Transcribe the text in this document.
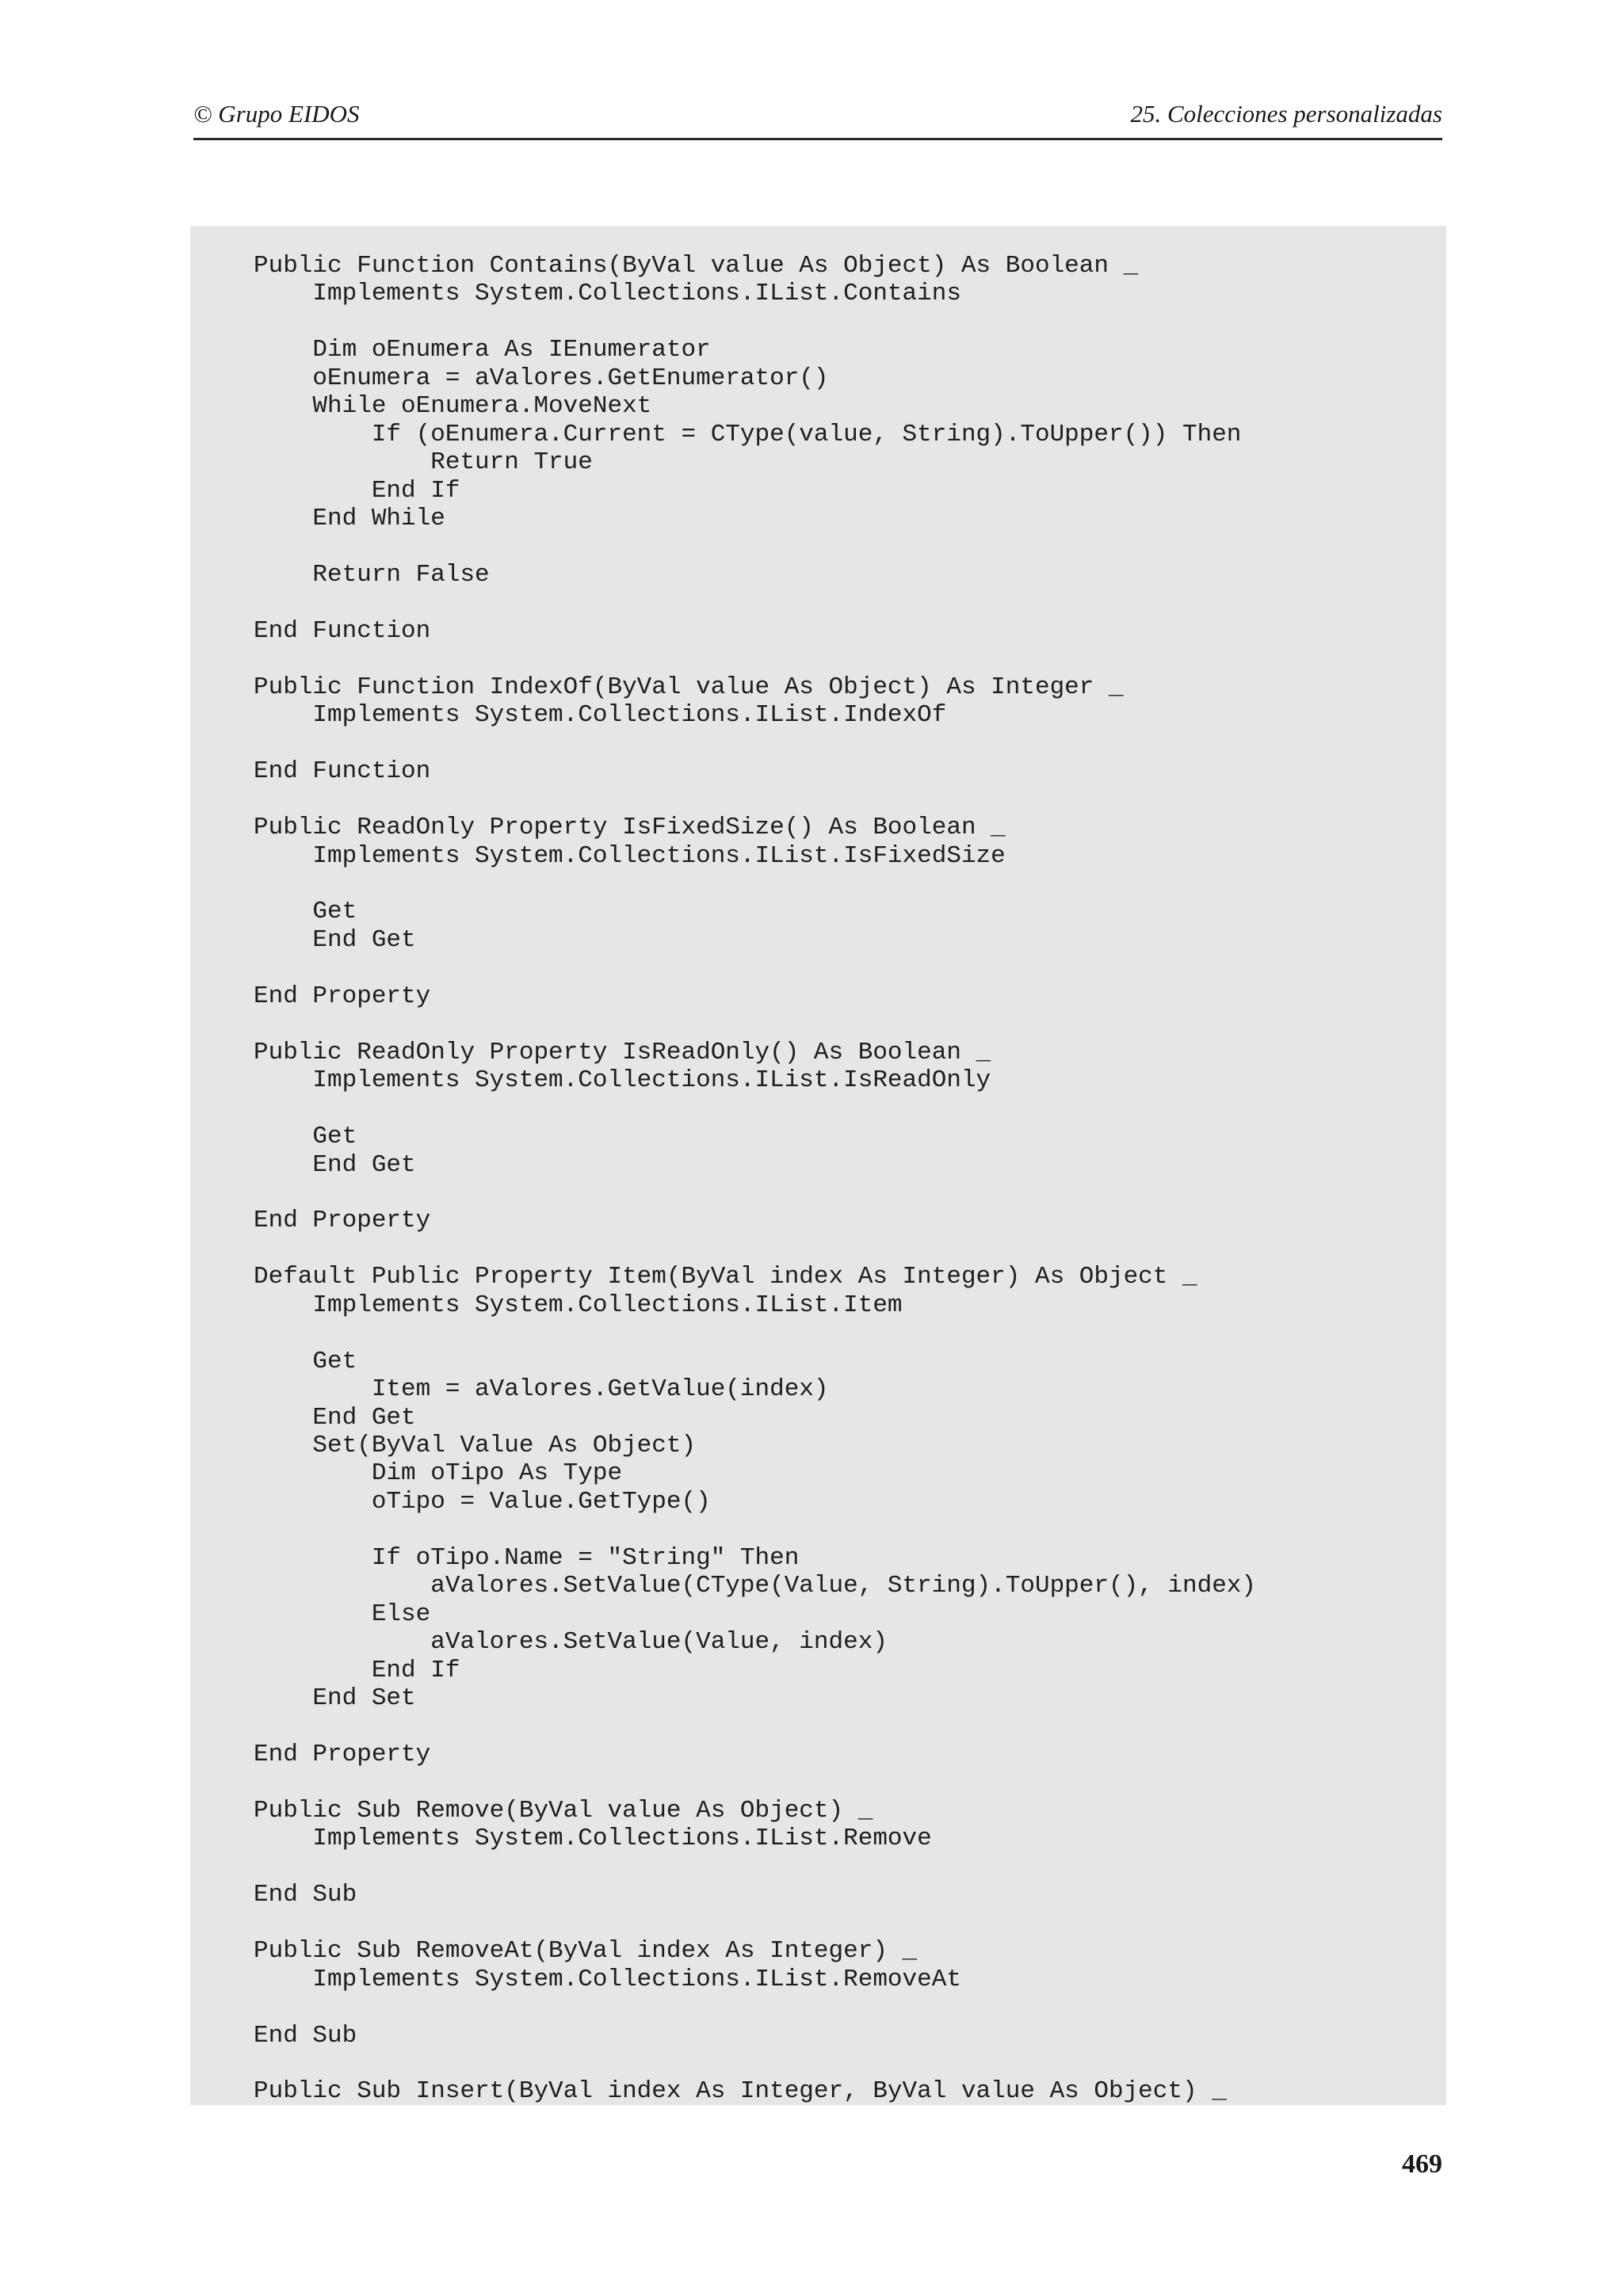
© Grupo EIDOS	25. Colecciones personalizadas
Public Function Contains(ByVal value As Object) As Boolean _
Implements System.Collections.IList.Contains

Dim oEnumera As IEnumerator
oEnumera = aValores.GetEnumerator()
While oEnumera.MoveNext
If (oEnumera.Current = CType(value, String).ToUpper()) Then
Return True
End If
End While

Return False

End Function

Public Function IndexOf(ByVal value As Object) As Integer _
Implements System.Collections.IList.IndexOf

End Function

Public ReadOnly Property IsFixedSize() As Boolean _
Implements System.Collections.IList.IsFixedSize

Get
End Get

End Property

Public ReadOnly Property IsReadOnly() As Boolean _
Implements System.Collections.IList.IsReadOnly

Get
End Get

End Property

Default Public Property Item(ByVal index As Integer) As Object _
Implements System.Collections.IList.Item

Get
Item = aValores.GetValue(index)
End Get
Set(ByVal Value As Object)
Dim oTipo As Type
oTipo = Value.GetType()

If oTipo.Name = "String" Then
aValores.SetValue(CType(Value, String).ToUpper(), index)
Else
aValores.SetValue(Value, index)
End If
End Set

End Property

Public Sub Remove(ByVal value As Object) _
Implements System.Collections.IList.Remove

End Sub

Public Sub RemoveAt(ByVal index As Integer) _
Implements System.Collections.IList.RemoveAt

End Sub

Public Sub Insert(ByVal index As Integer, ByVal value As Object) _
469
